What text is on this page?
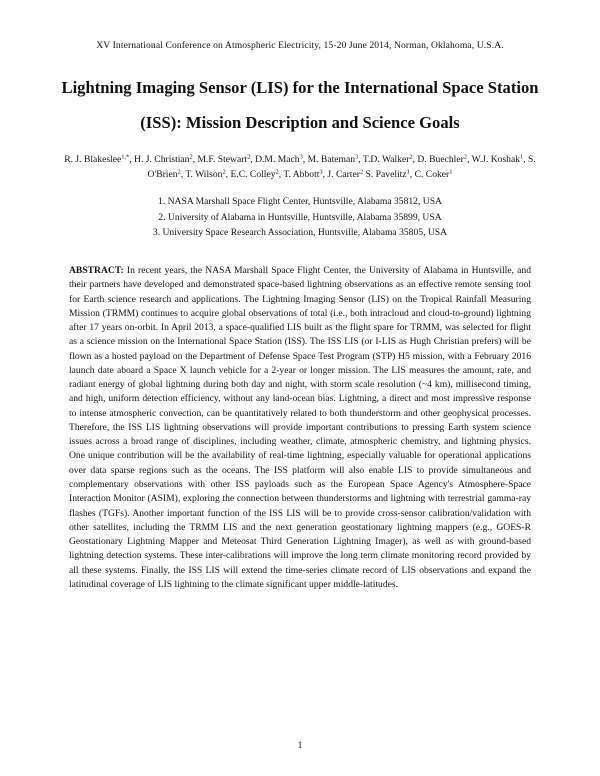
XV International Conference on Atmospheric Electricity, 15-20 June 2014, Norman, Oklahoma, U.S.A.
Lightning Imaging Sensor (LIS) for the International Space Station (ISS): Mission Description and Science Goals
R. J. Blakeslee$^{1,*}$, H. J. Christian$^2$, M.F. Stewart$^2$, D.M. Mach$^3$, M. Bateman$^3$, T.D. Walker$^2$, D. Buechler$^2$, W.J. Koshak$^1$, S. O'Brien$^2$, T. Wilson$^2$, E.C. Colley$^2$, T. Abbott$^3$, J. Carter$^2$ S. Pavelitz$^1$, C. Coker$^1$
1. NASA Marshall Space Flight Center, Huntsville, Alabama 35812, USA
2. University of Alabama in Huntsville, Huntsville, Alabama 35899, USA
3. University Space Research Association, Huntsville, Alabama 35805, USA

ABSTRACT: In recent years, the NASA Marshall Space Flight Center, the University of Alabama in Huntsville, and their partners have developed and demonstrated space-based lightning observations as an effective remote sensing tool for Earth science research and applications. The Lightning Imaging Sensor (LIS) on the Tropical Rainfall Measuring Mission (TRMM) continues to acquire global observations of total (i.e., both intracloud and cloud-to-ground) lightning after 17 years on-orbit. In April 2013, a space-qualified LIS built as the flight spare for TRMM, was selected for flight as a science mission on the International Space Station (ISS). The ISS LIS (or I-LIS as Hugh Christian prefers) will be flown as a hosted payload on the Department of Defense Space Test Program (STP) H5 mission, with a February 2016 launch date aboard a Space X launch vehicle for a 2-year or longer mission. The LIS measures the amount, rate, and radiant energy of global lightning during both day and night, with storm scale resolution (~4 km), millisecond timing, and high, uniform detection efficiency, without any land-ocean bias. Lightning, a direct and most impressive response to intense atmospheric convection, can be quantitatively related to both thunderstorm and other geophysical processes. Therefore, the ISS LIS lightning observations will provide important contributions to pressing Earth system science issues across a broad range of disciplines, including weather, climate, atmospheric chemistry, and lightning physics. One unique contribution will be the availability of real-time lightning, especially valuable for operational applications over data sparse regions such as the oceans. The ISS platform will also enable LIS to provide simultaneous and complementary observations with other ISS payloads such as the European Space Agency's Atmosphere-Space Interaction Monitor (ASIM), exploring the connection between thunderstorms and lightning with terrestrial gamma-ray flashes (TGFs). Another important function of the ISS LIS will be to provide cross-sensor calibration/validation with other satellites, including the TRMM LIS and the next generation geostationary lightning mappers (e.g., GOES-R Geostationary Lightning Mapper and Meteosat Third Generation Lightning Imager), as well as with ground-based lightning detection systems. These inter-calibrations will improve the long term climate monitoring record provided by all these systems. Finally, the ISS LIS will extend the time-series climate record of LIS observations and expand the latitudinal coverage of LIS lightning to the climate significant upper middle-latitudes.

1
